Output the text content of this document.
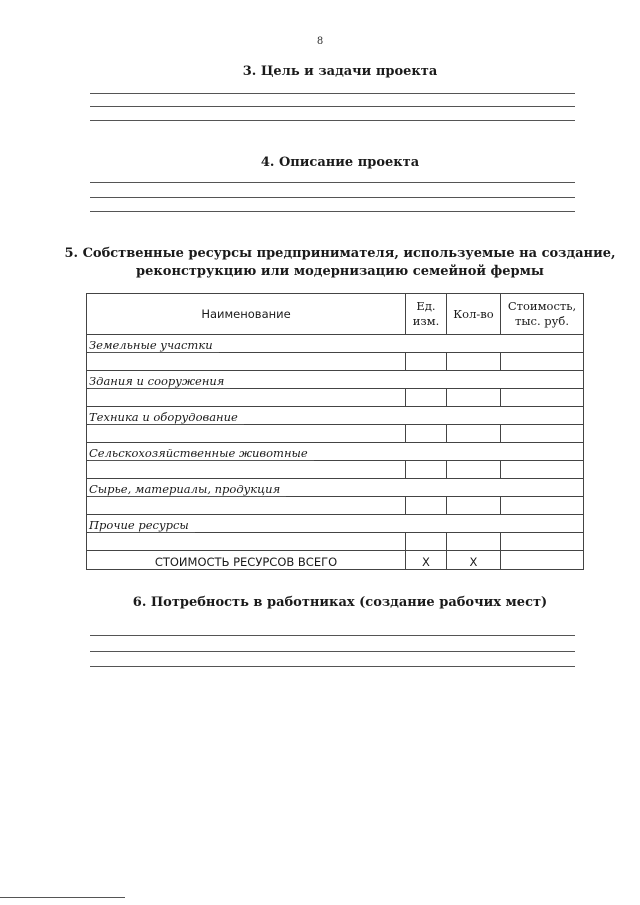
8
3. Цель и задачи проекта
4. Описание проекта
5. Собственные ресурсы предпринимателя, используемые на создание,
реконструкцию или модернизацию семейной фермы
Наименование	Ед. изм.	Кол-во	Стоимость, тыс. руб.
Земельные участки			

Здания и сооружения			

Техника и оборудование			

Сельскохозяйственные животные			

Сырье, материалы, продукция			

Прочие ресурсы			

СТОИМОСТЬ РЕСУРСОВ ВСЕГО	Х	Х	
6. Потребность в работниках (создание рабочих мест)
